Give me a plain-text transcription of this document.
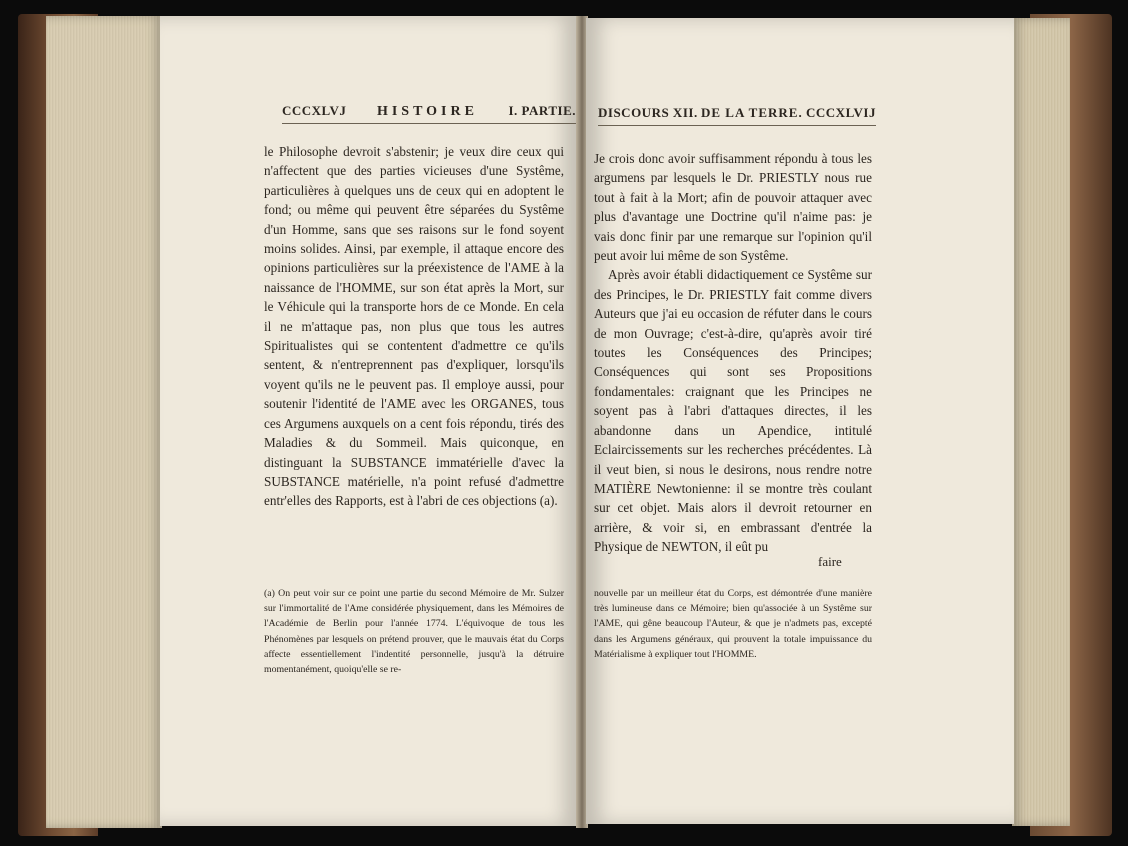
CCCXLVJ HISTOIRE I. PARTIE.

le Philosophe devroit s'abstenir; je veux dire ceux qui n'affectent que des parties vicieuses d'une Systême, particulières à quelques uns de ceux qui en adoptent le fond; ou même qui peuvent être séparées du Systême d'un Homme, sans que ses raisons sur le fond soyent moins solides. Ainsi, par exemple, il attaque encore des opinions particulières sur la préexistence de l'AME à la naissance de l'HOMME, sur son état après la Mort, sur le Véhicule qui la transporte hors de ce Monde. En cela il ne m'attaque pas, non plus que tous les autres Spiritualistes qui se contentent d'admettre ce qu'ils sentent, & n'entreprennent pas d'expliquer, lorsqu'ils voyent qu'ils ne le peuvent pas. Il employe aussi, pour soutenir l'identité de l'AME avec les ORGANES, tous ces Argumens auxquels on a cent fois répondu, tirés des Maladies & du Sommeil. Mais quiconque, en distinguant la SUBSTANCE immatérielle d'avec la SUBSTANCE matérielle, n'a point refusé d'admettre entr'elles des Rapports, est à l'abri de ces objections (a).

(a) On peut voir sur ce point une partie du second Mémoire de Mr. Sulzer sur l'immortalité de l'Ame considérée physiquement, dans les Mémoires de l'Académie de Berlin pour l'année 1774. L'équivoque de tous les Phénomènes par lesquels on prétend prouver, que le mauvais état du Corps affecte essentiellement l'indentité personnelle, jusqu'à la détruire momentanément, quoiqu'elle se re-
DISCOURS XII. DE LA TERRE. CCCXLVIJ

Je crois donc avoir suffisamment répondu à tous les argumens par lesquels le Dr. PRIESTLY nous rue tout à fait à la Mort; afin de pouvoir attaquer avec plus d'avantage une Doctrine qu'il n'aime pas: je vais donc finir par une remarque sur l'opinion qu'il peut avoir lui même de son Systême.

Après avoir établi didactiquement ce Systême sur des Principes, le Dr. PRIESTLY fait comme divers Auteurs que j'ai eu occasion de réfuter dans le cours de mon Ouvrage; c'est-à-dire, qu'après avoir tiré toutes les Conséquences des Principes; Conséquences qui sont ses Propositions fondamentales: craignant que les Principes ne soyent pas à l'abri d'attaques directes, il les abandonne dans un Apendice, intitulé Eclaircissements sur les recherches précédentes. Là il veut bien, si nous le desirons, nous rendre notre MATIÈRE Newtonienne: il se montre très coulant sur cet objet. Mais alors il devroit retourner en arrière, & voir si, en embrassant d'entrée la Physique de NEWTON, il eût pu

faire
nouvelle par un meilleur état du Corps, est démontrée d'une manière très lumineuse dans ce Mémoire; bien qu'associée à un Systême sur l'AME, qui gêne beaucoup l'Auteur, & que je n'admets pas, excepté dans les Argumens généraux, qui prouvent la totale impuissance du Matérialisme à expliquer tout l'HOMME.
